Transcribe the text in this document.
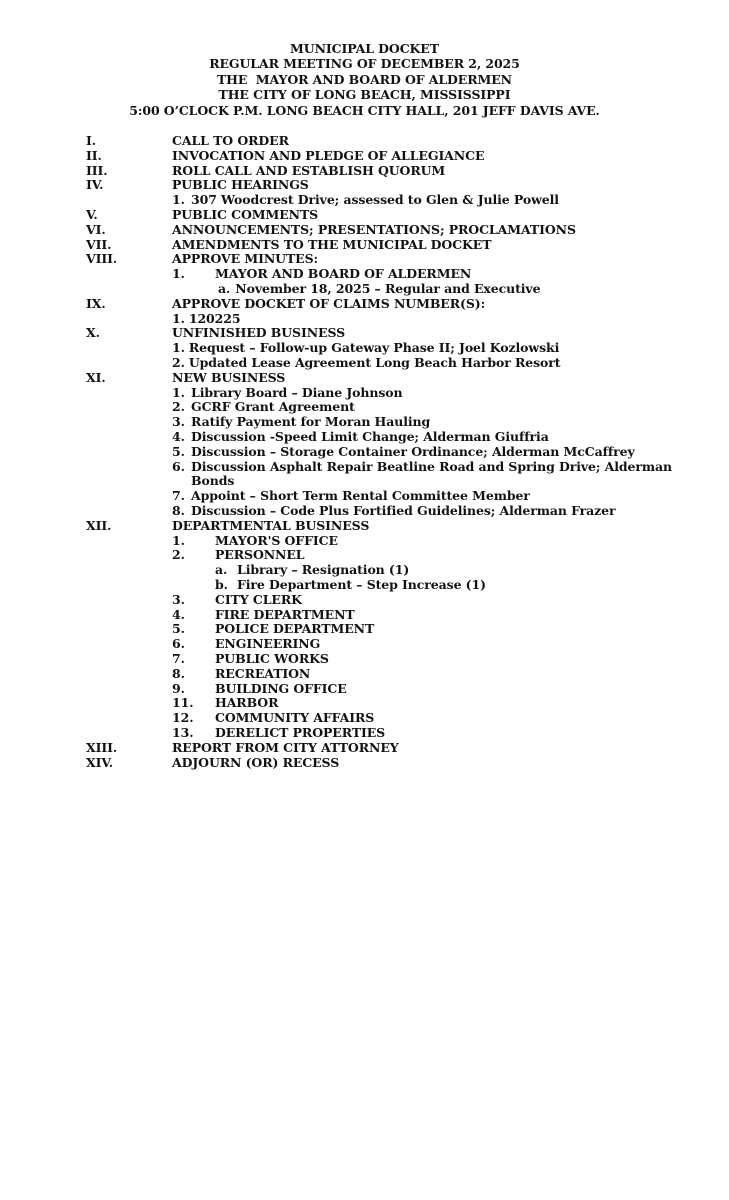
MUNICIPAL DOCKET
REGULAR MEETING OF DECEMBER 2, 2025
THE  MAYOR AND BOARD OF ALDERMEN
THE CITY OF LONG BEACH, MISSISSIPPI
5:00 O’CLOCK P.M. LONG BEACH CITY HALL, 201 JEFF DAVIS AVE.
I.	CALL TO ORDER
II.	INVOCATION AND PLEDGE OF ALLEGIANCE
III.	ROLL CALL AND ESTABLISH QUORUM
IV.	PUBLIC HEARINGS
1. 307 Woodcrest Drive; assessed to Glen & Julie Powell
V.	PUBLIC COMMENTS
VI.	ANNOUNCEMENTS; PRESENTATIONS; PROCLAMATIONS
VII.	AMENDMENTS TO THE MUNICIPAL DOCKET
VIII.	APPROVE MINUTES:
1.	MAYOR AND BOARD OF ALDERMEN
a. November 18, 2025 – Regular and Executive
IX.	APPROVE DOCKET OF CLAIMS NUMBER(S):
1. 120225
X.	UNFINISHED BUSINESS
1. Request – Follow-up Gateway Phase II; Joel Kozlowski
2. Updated Lease Agreement Long Beach Harbor Resort
XI.	NEW BUSINESS
1. Library Board – Diane Johnson
2. GCRF Grant Agreement
3. Ratify Payment for Moran Hauling
4. Discussion -Speed Limit Change; Alderman Giuffria
5. Discussion – Storage Container Ordinance; Alderman McCaffrey
6. Discussion Asphalt Repair Beatline Road and Spring Drive; Alderman Bonds
7. Appoint – Short Term Rental Committee Member
8. Discussion – Code Plus Fortified Guidelines; Alderman Frazer
XII.	DEPARTMENTAL BUSINESS
1.	MAYOR'S OFFICE
2.	PERSONNEL
a. Library – Resignation (1)
b. Fire Department – Step Increase (1)
3.	CITY CLERK
4.	FIRE DEPARTMENT
5.	POLICE DEPARTMENT
6.	ENGINEERING
7.	PUBLIC WORKS
8.	RECREATION
9.	BUILDING OFFICE
11.	HARBOR
12.	COMMUNITY AFFAIRS
13.	DERELICT PROPERTIES
XIII.	REPORT FROM CITY ATTORNEY
XIV.	ADJOURN (OR) RECESS
